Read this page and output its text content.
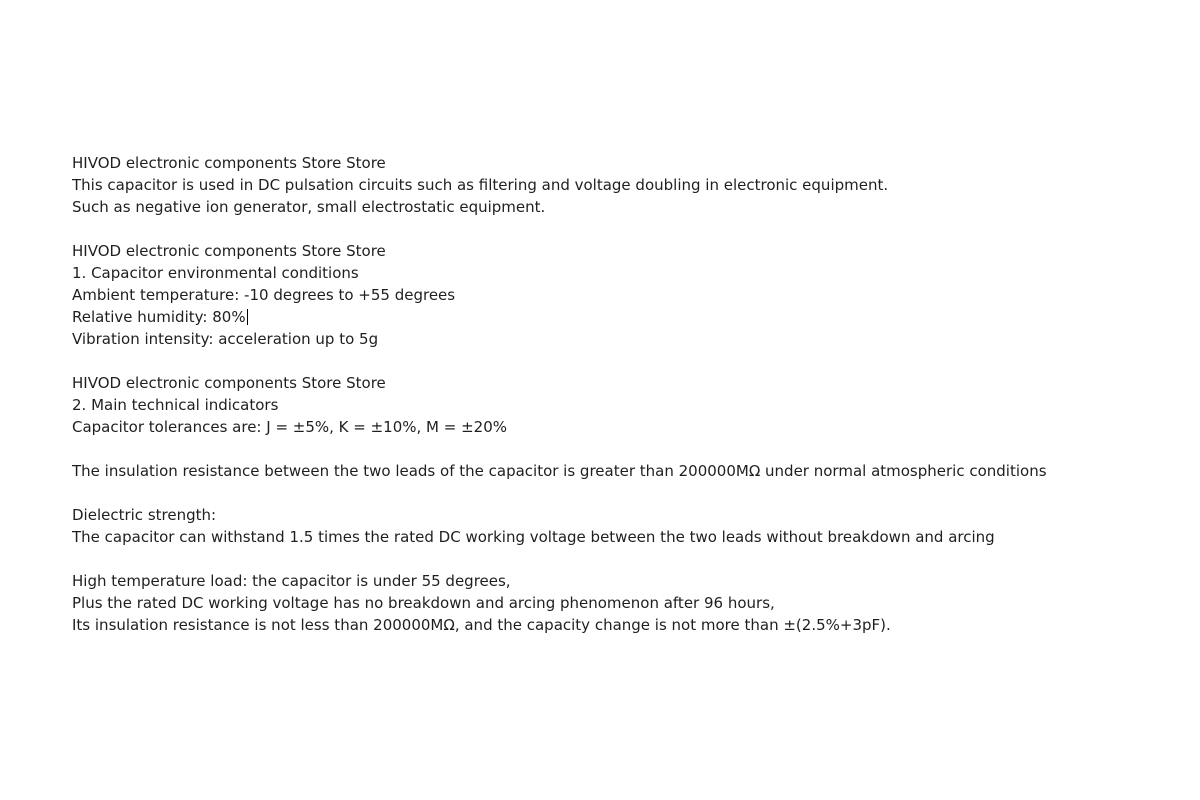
HIVOD electronic components Store Store
This capacitor is used in DC pulsation circuits such as filtering and voltage doubling in electronic equipment.
Such as negative ion generator, small electrostatic equipment.
HIVOD electronic components Store Store
1. Capacitor environmental conditions
Ambient temperature: -10 degrees to +55 degrees
Relative humidity: 80%
Vibration intensity: acceleration up to 5g
HIVOD electronic components Store Store
2. Main technical indicators
Capacitor tolerances are: J = ±5%, K = ±10%, M = ±20%
The insulation resistance between the two leads of the capacitor is greater than 200000MΩ under normal atmospheric conditions
Dielectric strength:
The capacitor can withstand 1.5 times the rated DC working voltage between the two leads without breakdown and arcing
High temperature load: the capacitor is under 55 degrees,
Plus the rated DC working voltage has no breakdown and arcing phenomenon after 96 hours,
Its insulation resistance is not less than 200000MΩ, and the capacity change is not more than ±(2.5%+3pF).
